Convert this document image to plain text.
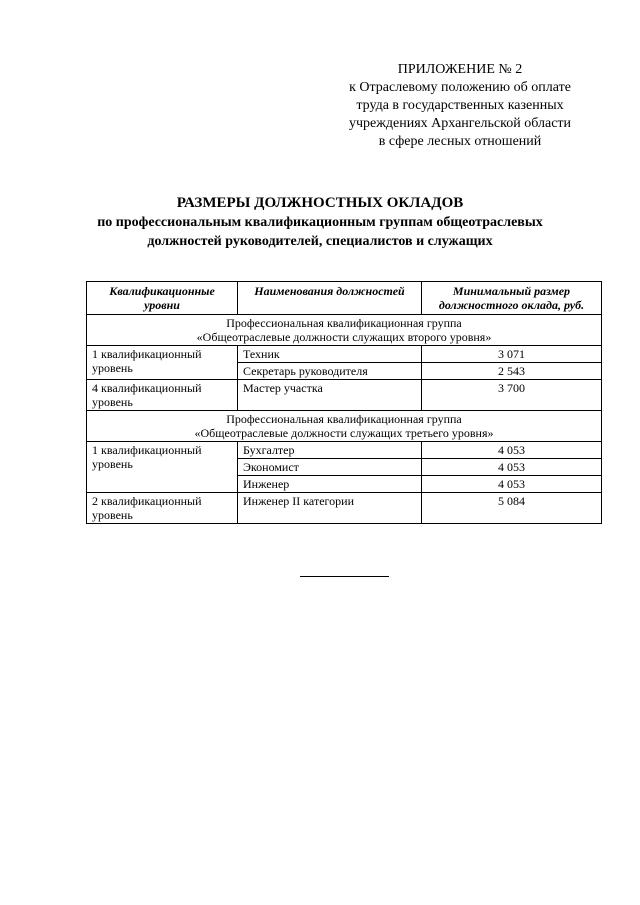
ПРИЛОЖЕНИЕ № 2
к Отраслевому положению об оплате
труда в государственных казенных
учреждениях Архангельской области
в сфере лесных отношений
РАЗМЕРЫ ДОЛЖНОСТНЫХ ОКЛАДОВ
по профессиональным квалификационным группам общеотраслевых
должностей руководителей, специалистов и служащих
Квалификационные уровни	Наименования должностей	Минимальный размер должностного оклада, руб.

Профессиональная квалификационная группа
«Общеотраслевые должности служащих второго уровня»		

1 квалификационный уровень	Техник	3 071
	Секретарь руководителя	2 543
4 квалификационный уровень	Мастер участка	3 700

Профессиональная квалификационная группа
«Общеотраслевые должности служащих третьего уровня»		

1 квалификационный уровень	Бухгалтер	4 053
	Экономист	4 053
	Инженер	4 053
2 квалификационный уровень	Инженер II категории	5 084
